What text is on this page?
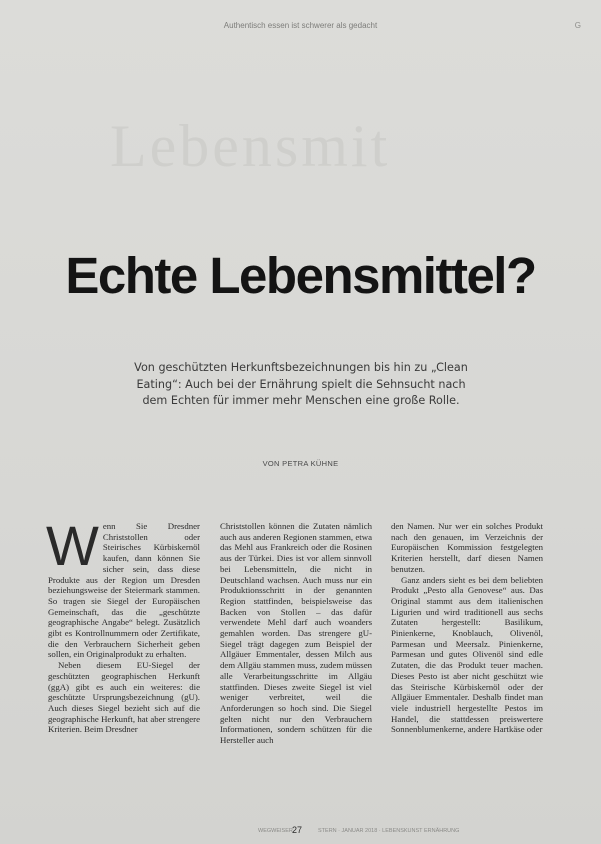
Authentisch essen ist schwerer als gedacht	G
Lebensmit
Echte Lebensmittel?

Von geschützten Herkunftsbezeichnungen bis hin zu „Clean Eating“: Auch bei der Ernährung spielt die Sehnsucht nach dem Echten für immer mehr Menschen eine große Rolle.

VON PETRA KÜHNE
W enn Sie Dresdner Christstollen oder Steirisches Kürbiskernöl kaufen, dann können Sie sicher sein, dass diese Produkte aus der Region um Dresden beziehungsweise der Steiermark stammen. So tragen sie Siegel der Europäischen Gemeinschaft, das die „geschützte geographische Angabe“ belegt. Zusätzlich gibt es Kontrollnummern oder Zertifikate, die den Verbrauchern Sicherheit geben sollen, ein Originalprodukt zu erhalten.

Neben diesem EU-Siegel der geschützten geographischen Herkunft (ggA) gibt es auch ein weiteres: die geschützte Ursprungsbezeichnung (gU). Auch dieses Siegel bezieht sich auf die geographische Herkunft, hat aber strengere Kriterien. Beim Dresdner

Christstollen können die Zutaten nämlich auch aus anderen Regionen stammen, etwa das Mehl aus Frankreich oder die Rosinen aus der Türkei. Dies ist vor allem sinnvoll bei Lebensmitteln, die nicht in Deutschland wachsen. Auch muss nur ein Produktionsschritt in der genannten Region stattfinden, beispielsweise das Backen von Stollen – das dafür verwendete Mehl darf auch woanders gemahlen worden. Das strengere gU-Siegel trägt dagegen zum Beispiel der Allgäuer Emmentaler, dessen Milch aus dem Allgäu stammen muss, zudem müssen alle Verarbeitungsschritte im Allgäu stattfinden. Dieses zweite Siegel ist viel weniger verbreitet, weil die Anforderungen so hoch sind. Die Siegel gelten nicht nur den Verbrauchern Informationen, sondern schützen für die Hersteller auch

den Namen. Nur wer ein solches Produkt nach den genauen, im Verzeichnis der Europäischen Kommission festgelegten Kriterien herstellt, darf diesen Namen benutzen.

Ganz anders sieht es bei dem beliebten Produkt „Pesto alla Genovese“ aus. Das Original stammt aus dem italienischen Ligurien und wird traditionell aus sechs Zutaten hergestellt: Basilikum, Pinienkerne, Knoblauch, Olivenöl, Parmesan und Meersalz. Pinienkerne, Parmesan und gutes Olivenöl sind edle Zutaten, die das Produkt teuer machen. Dieses Pesto ist aber nicht geschützt wie das Steirische Kürbiskernöl oder der Allgäuer Emmentaler. Deshalb findet man viele industriell hergestellte Pestos im Handel, die stattdessen preiswertere Sonnenblumenkerne, andere Hartkäse oder

WEGWEISER 27	STERN · JANUAR 2018 · LEBENSKUNST ERNÄHRUNG
